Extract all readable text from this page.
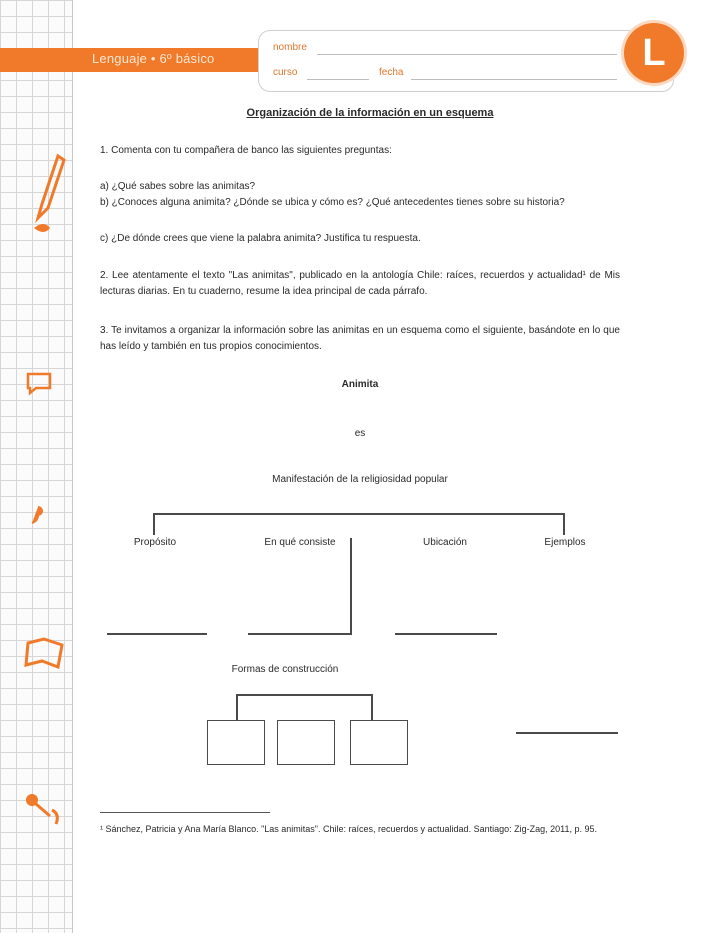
Lenguaje • 6º básico
nombre
curso	fecha	L
Organización de la información en un esquema
1. Comenta con tu compañera de banco las siguientes preguntas:
a) ¿Qué sabes sobre las animitas?
b) ¿Conoces alguna animita? ¿Dónde se ubica y cómo es? ¿Qué antecedentes tienes sobre su historia?
c) ¿De dónde crees que viene la palabra animita? Justifica tu respuesta.
2. Lee atentamente el texto "Las animitas", publicado en la antología Chile: raíces, recuerdos y actualidad¹ de Mis lecturas diarias. En tu cuaderno, resume la idea principal de cada párrafo.
3. Te invitamos a organizar la información sobre las animitas en un esquema como el siguiente, basándote en lo que has leído y también en tus propios conocimientos.
Animita
es
Manifestación de la religiosidad popular
Propósito	En qué consiste	Ubicación	Ejemplos
Formas de construcción
¹ Sánchez, Patricia y Ana María Blanco. "Las animitas". Chile: raíces, recuerdos y actualidad. Santiago: Zig-Zag, 2011, p. 95.
